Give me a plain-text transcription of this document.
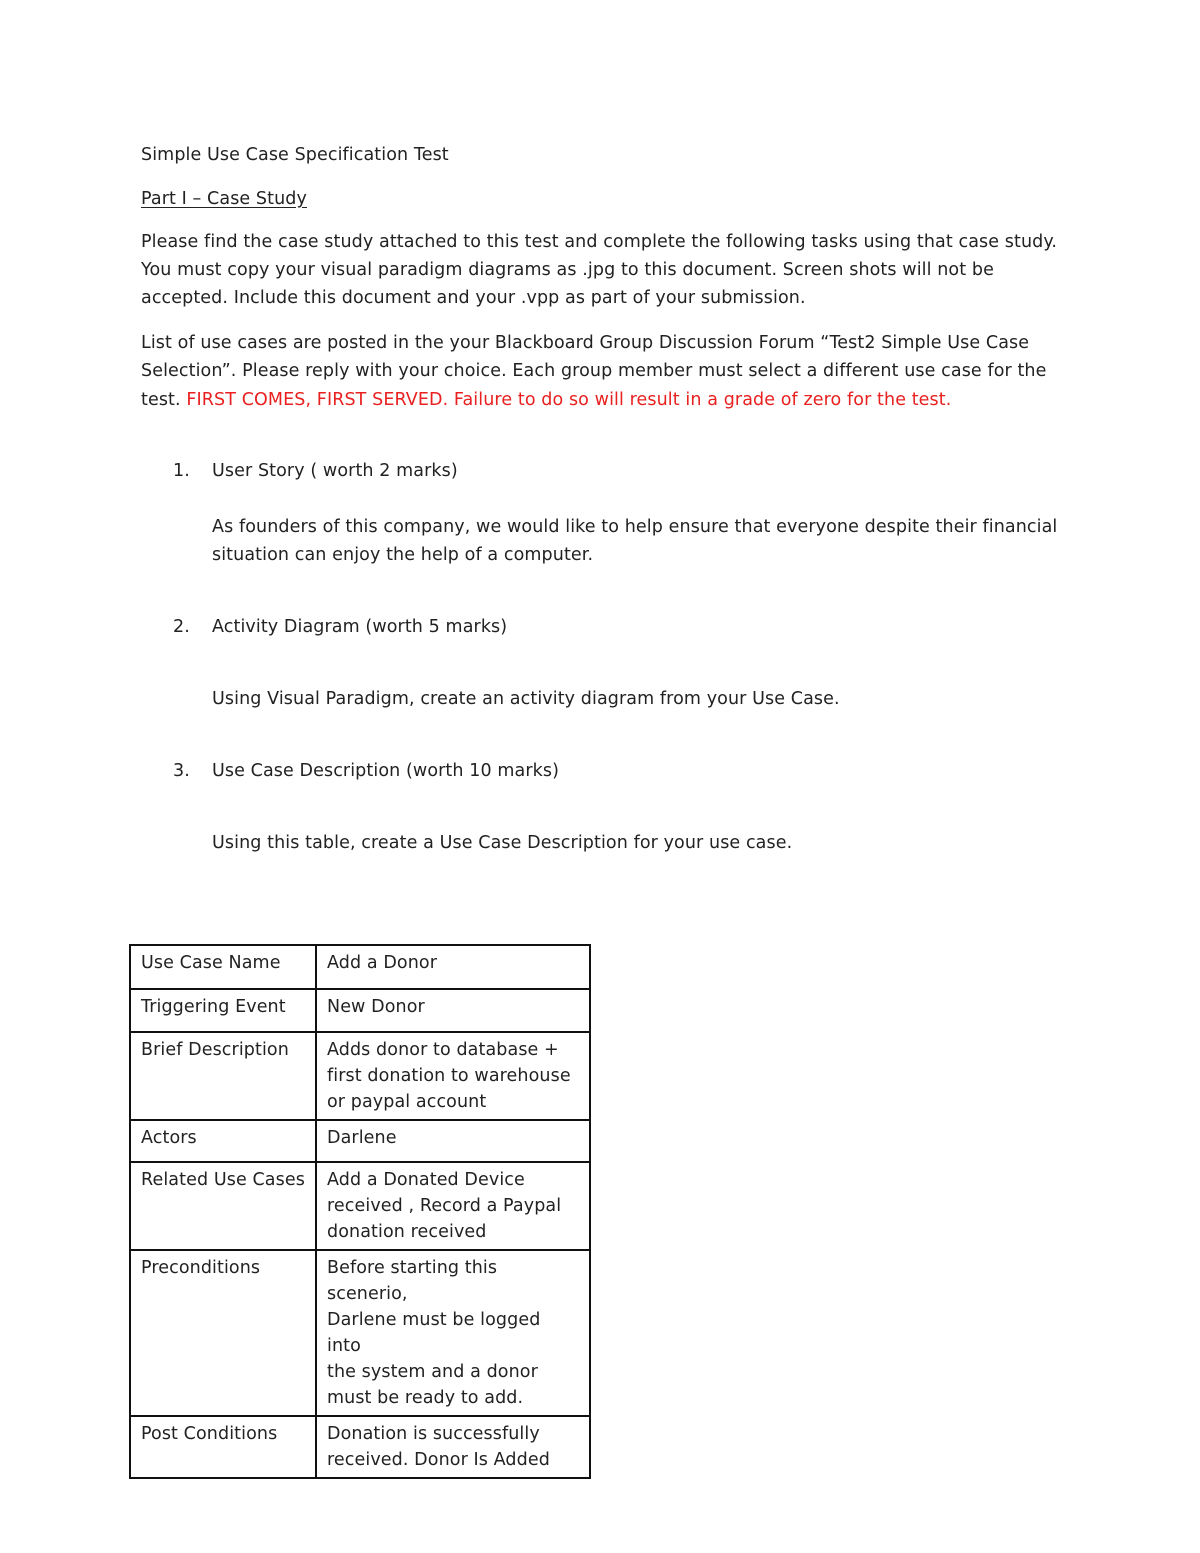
Simple Use Case Specification Test
Part I – Case Study
Please find the case study attached to this test and complete the following tasks using that case study.
You must copy your visual paradigm diagrams as .jpg to this document. Screen shots will not be
accepted. Include this document and your .vpp as part of your submission.
List of use cases are posted in the your Blackboard Group Discussion Forum “Test2 Simple Use Case
Selection”. Please reply with your choice. Each group member must select a different use case for the
test. FIRST COMES, FIRST SERVED. Failure to do so will result in a grade of zero for the test.
1. User Story ( worth 2 marks)
As founders of this company, we would like to help ensure that everyone despite their financial
situation can enjoy the help of a computer.
2. Activity Diagram (worth 5 marks)
Using Visual Paradigm, create an activity diagram from your Use Case.
3. Use Case Description (worth 10 marks)
Using this table, create a Use Case Description for your use case.
Use Case Name	Add a Donor
Triggering Event	New Donor
Brief Description	Adds donor to database +
first donation to warehouse
or paypal account
Actors	Darlene
Related Use Cases	Add a Donated Device
received , Record a Paypal
donation received
Preconditions	Before starting this scenerio,
Darlene must be logged into
the system and a donor
must be ready to add.
Post Conditions	Donation is successfully
received. Donor Is Added
